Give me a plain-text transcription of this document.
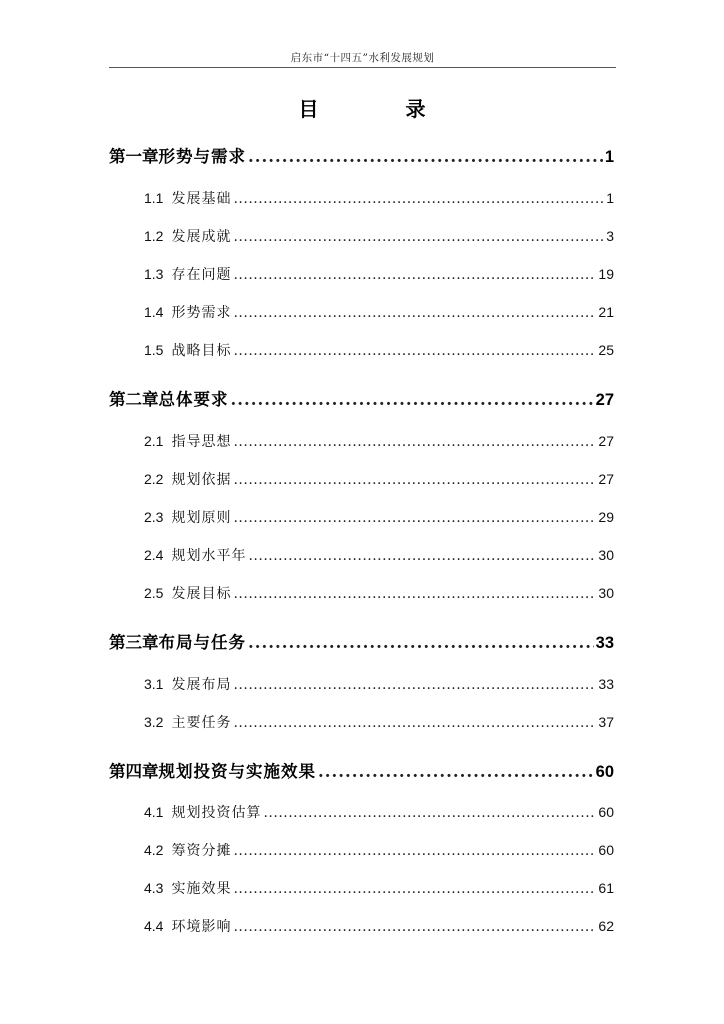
启东市“十四五”水利发展规划
目 录
第一章 形势与需求 .....	1
1.1 发展基础 .....	1
1.2 发展成就 .....	3
1.3 存在问题 .....	19
1.4 形势需求 .....	21
1.5 战略目标 .....	25
第二章 总体要求 .....	27
2.1 指导思想 .....	27
2.2 规划依据 .....	27
2.3 规划原则 .....	29
2.4 规划水平年 .....	30
2.5 发展目标 .....	30
第三章 布局与任务 .....	33
3.1 发展布局 .....	33
3.2 主要任务 .....	37
第四章 规划投资与实施效果 .....	60
4.1 规划投资估算 .....	60
4.2 筹资分摊 .....	60
4.3 实施效果 .....	61
4.4 环境影响 .....	62
